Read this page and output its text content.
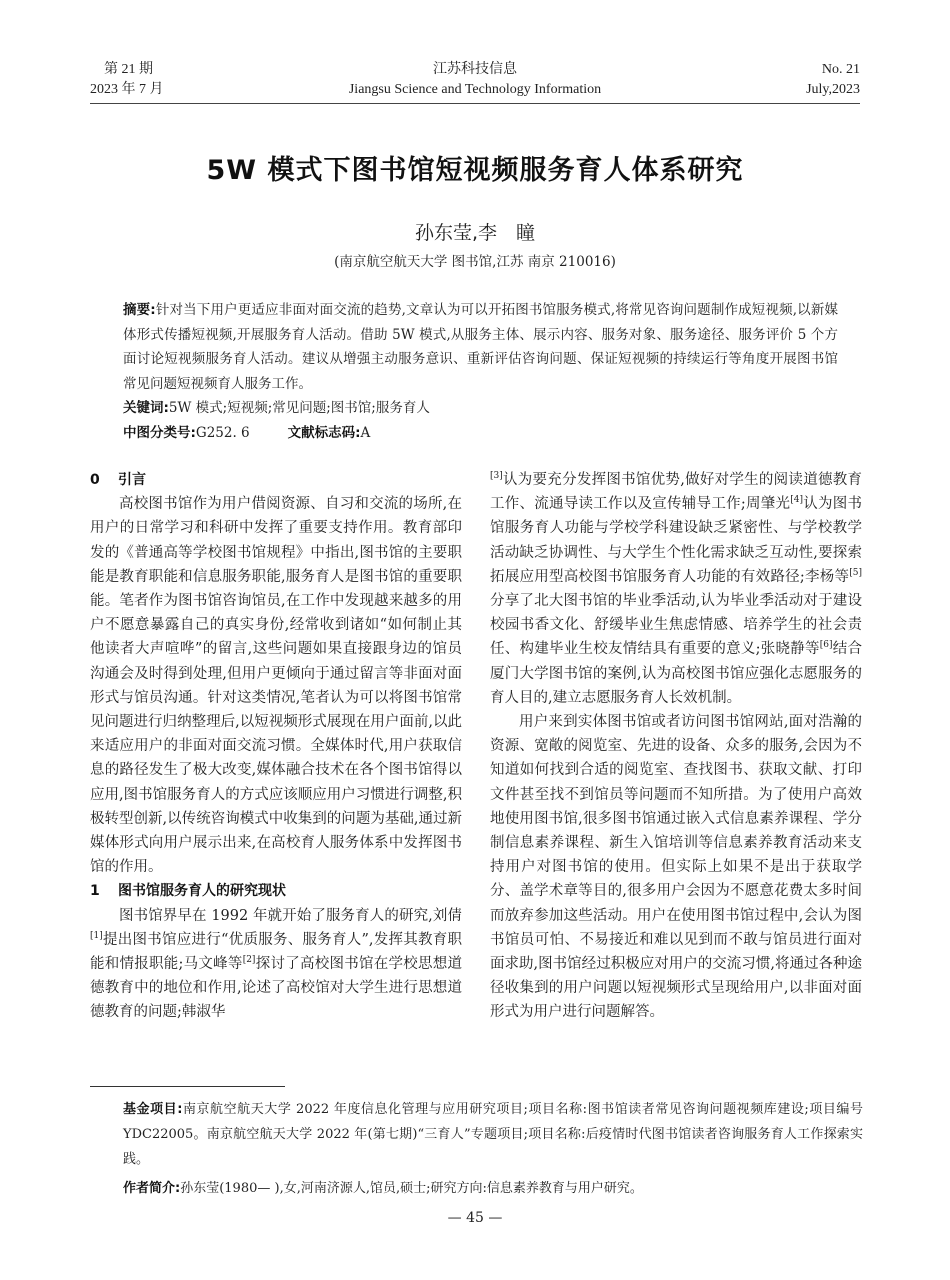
第 21 期
2023 年 7 月
江苏科技信息
Jiangsu Science and Technology Information
No. 21
July,2023
5W 模式下图书馆短视频服务育人体系研究
孙东莹,李　瞳
(南京航空航天大学 图书馆,江苏 南京 210016)

摘要:针对当下用户更适应非面对面交流的趋势,文章认为可以开拓图书馆服务模式,将常见咨询问题制作成短视频,以新媒体形式传播短视频,开展服务育人活动。借助 5W 模式,从服务主体、展示内容、服务对象、服务途径、服务评价 5 个方面讨论短视频服务育人活动。建议从增强主动服务意识、重新评估咨询问题、保证短视频的持续运行等角度开展图书馆常见问题短视频育人服务工作。

关键词:5W 模式;短视频;常见问题;图书馆;服务育人

中图分类号:G252. 6	文献标志码:A

0 引言

高校图书馆作为用户借阅资源、自习和交流的场所,在用户的日常学习和科研中发挥了重要支持作用。教育部印发的《普通高等学校图书馆规程》中指出,图书馆的主要职能是教育职能和信息服务职能,服务育人是图书馆的重要职能。笔者作为图书馆咨询馆员,在工作中发现越来越多的用户不愿意暴露自己的真实身份,经常收到诸如“如何制止其他读者大声喧哗”的留言,这些问题如果直接跟身边的馆员沟通会及时得到处理,但用户更倾向于通过留言等非面对面形式与馆员沟通。针对这类情况,笔者认为可以将图书馆常见问题进行归纳整理后,以短视频形式展现在用户面前,以此来适应用户的非面对面交流习惯。全媒体时代,用户获取信息的路径发生了极大改变,媒体融合技术在各个图书馆得以应用,图书馆服务育人的方式应该顺应用户习惯进行调整,积极转型创新,以传统咨询模式中收集到的问题为基础,通过新媒体形式向用户展示出来,在高校育人服务体系中发挥图书馆的作用。

1 图书馆服务育人的研究现状

图书馆界早在 1992 年就开始了服务育人的研究,刘倩[1]提出图书馆应进行“优质服务、服务育人”,发挥其教育职能和情报职能;马文峰等[2]探讨了高校图书馆在学校思想道德教育中的地位和作用,论述了高校馆对大学生进行思想道德教育的问题;韩淑华

[3]认为要充分发挥图书馆优势,做好对学生的阅读道德教育工作、流通导读工作以及宣传辅导工作;周肇光[4]认为图书馆服务育人功能与学校学科建设缺乏紧密性、与学校教学活动缺乏协调性、与大学生个性化需求缺乏互动性,要探索拓展应用型高校图书馆服务育人功能的有效路径;李杨等[5]分享了北大图书馆的毕业季活动,认为毕业季活动对于建设校园书香文化、舒缓毕业生焦虑情感、培养学生的社会责任、构建毕业生校友情结具有重要的意义;张晓静等[6]结合厦门大学图书馆的案例,认为高校图书馆应强化志愿服务的育人目的,建立志愿服务育人长效机制。

用户来到实体图书馆或者访问图书馆网站,面对浩瀚的资源、宽敞的阅览室、先进的设备、众多的服务,会因为不知道如何找到合适的阅览室、查找图书、获取文献、打印文件甚至找不到馆员等问题而不知所措。为了使用户高效地使用图书馆,很多图书馆通过嵌入式信息素养课程、学分制信息素养课程、新生入馆培训等信息素养教育活动来支持用户对图书馆的使用。但实际上如果不是出于获取学分、盖学术章等目的,很多用户会因为不愿意花费太多时间而放弃参加这些活动。用户在使用图书馆过程中,会认为图书馆员可怕、不易接近和难以见到而不敢与馆员进行面对面求助,图书馆经过积极应对用户的交流习惯,将通过各种途径收集到的用户问题以短视频形式呈现给用户,以非面对面形式为用户进行问题解答。

基金项目:南京航空航天大学 2022 年度信息化管理与应用研究项目;项目名称:图书馆读者常见咨询问题视频库建设;项目编号 YDC22005。南京航空航天大学 2022 年(第七期)“三育人”专题项目;项目名称:后疫情时代图书馆读者咨询服务育人工作探索实践。

作者简介:孙东莹(1980— ),女,河南济源人,馆员,硕士;研究方向:信息素养教育与用户研究。

— 45 —
